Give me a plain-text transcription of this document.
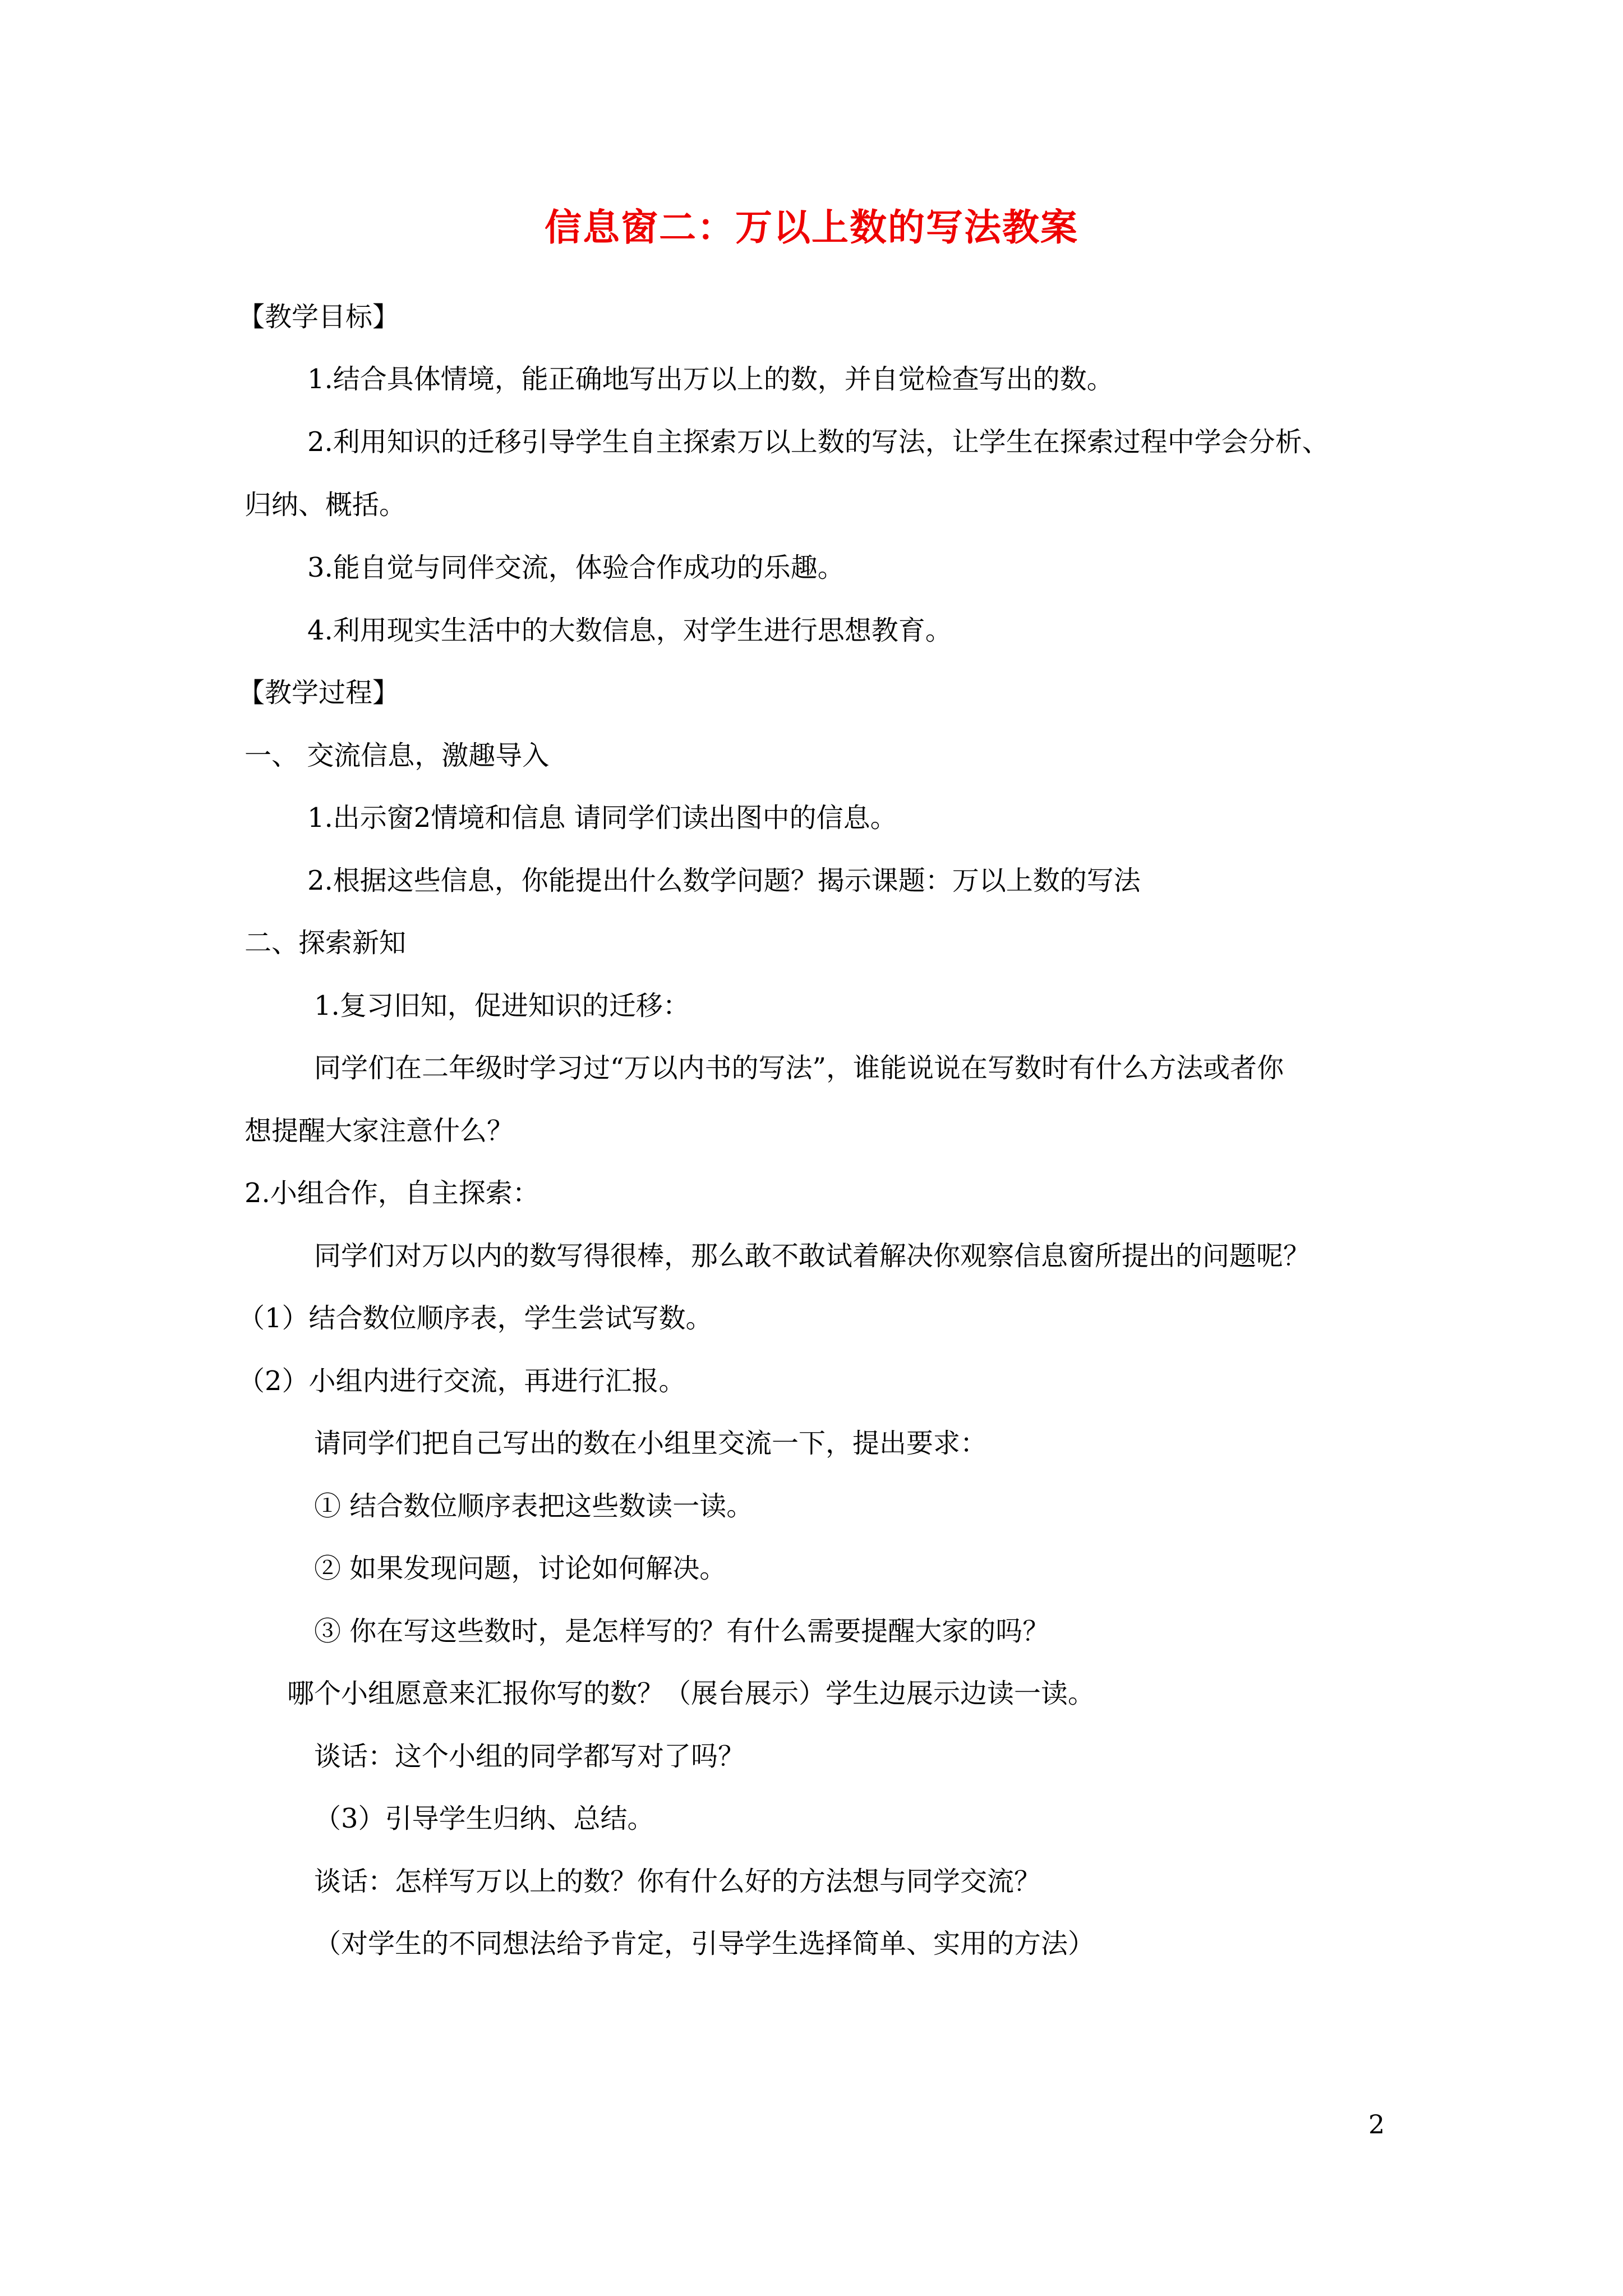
信息窗二：万以上数的写法教案
【教学目标】
1.结合具体情境，能正确地写出万以上的数，并自觉检查写出的数。
2.利用知识的迁移引导学生自主探索万以上数的写法，让学生在探索过程中学会分析、
归纳、概括。
3.能自觉与同伴交流，体验合作成功的乐趣。
4.利用现实生活中的大数信息，对学生进行思想教育。
【教学过程】
一、 交流信息，激趣导入
1.出示窗2情境和信息 请同学们读出图中的信息。
2.根据这些信息，你能提出什么数学问题？揭示课题：万以上数的写法
二、探索新知
1.复习旧知，促进知识的迁移：
同学们在二年级时学习过“万以内书的写法”，谁能说说在写数时有什么方法或者你
想提醒大家注意什么？
2.小组合作，自主探索：
同学们对万以内的数写得很棒，那么敢不敢试着解决你观察信息窗所提出的问题呢？
（1）结合数位顺序表，学生尝试写数。
（2）小组内进行交流，再进行汇报。
请同学们把自己写出的数在小组里交流一下，提出要求：
① 结合数位顺序表把这些数读一读。
② 如果发现问题，讨论如何解决。
③ 你在写这些数时，是怎样写的？有什么需要提醒大家的吗？
哪个小组愿意来汇报你写的数？（展台展示）学生边展示边读一读。
谈话：这个小组的同学都写对了吗？
（3）引导学生归纳、总结。
谈话：怎样写万以上的数？你有什么好的方法想与同学交流？
（对学生的不同想法给予肯定，引导学生选择简单、实用的方法）
2
